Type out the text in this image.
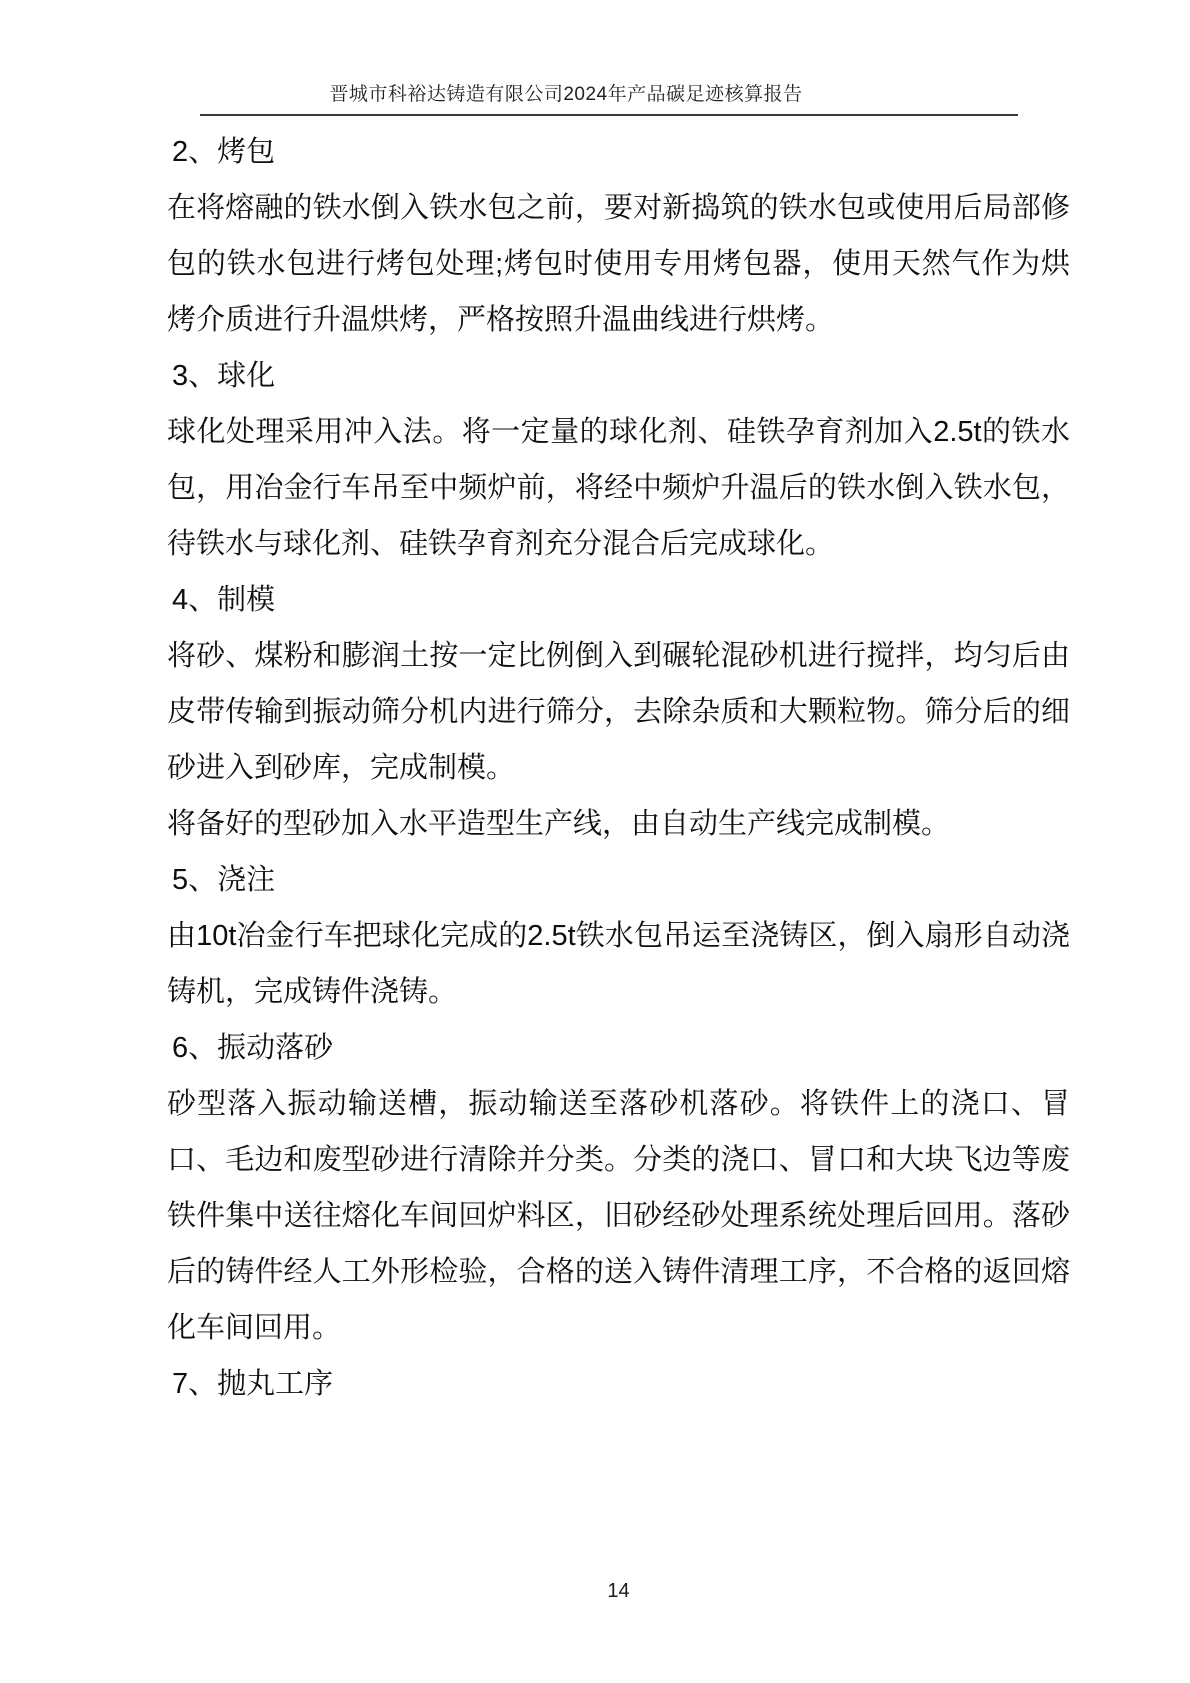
晋城市科裕达铸造有限公司2024年产品碳足迹核算报告
2、烤包

在将熔融的铁水倒入铁水包之前，要对新捣筑的铁水包或使用后局部修包的铁水包进行烤包处理;烤包时使用专用烤包器，使用天然气作为烘烤介质进行升温烘烤，严格按照升温曲线进行烘烤。

3、球化

球化处理采用冲入法。将一定量的球化剂、硅铁孕育剂加入2.5t的铁水包，用冶金行车吊至中频炉前，将经中频炉升温后的铁水倒入铁水包，待铁水与球化剂、硅铁孕育剂充分混合后完成球化。

4、制模

将砂、煤粉和膨润土按一定比例倒入到碾轮混砂机进行搅拌，均匀后由皮带传输到振动筛分机内进行筛分，去除杂质和大颗粒物。筛分后的细砂进入到砂库，完成制模。

将备好的型砂加入水平造型生产线，由自动生产线完成制模。

5、浇注

由10t冶金行车把球化完成的2.5t铁水包吊运至浇铸区，倒入扇形自动浇铸机，完成铸件浇铸。

6、振动落砂

砂型落入振动输送槽，振动输送至落砂机落砂。将铁件上的浇口、冒口、毛边和废型砂进行清除并分类。分类的浇口、冒口和大块飞边等废铁件集中送往熔化车间回炉料区，旧砂经砂处理系统处理后回用。落砂后的铸件经人工外形检验，合格的送入铸件清理工序，不合格的返回熔化车间回用。

7、抛丸工序
14
